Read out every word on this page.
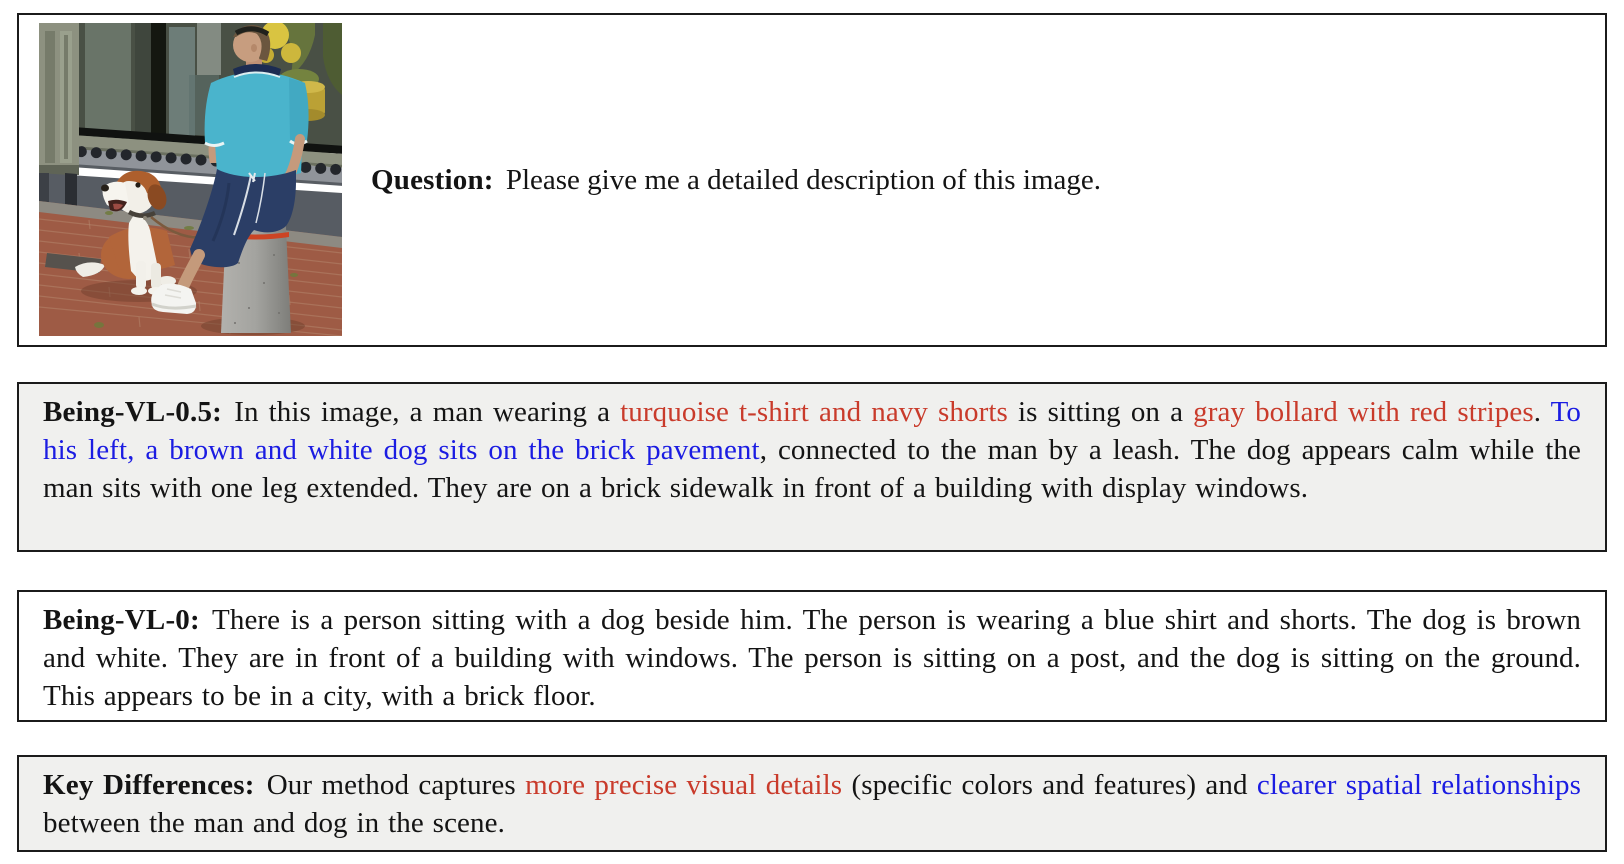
Question: Please give me a detailed description of this image.

Being-VL-0.5: In this image, a man wearing a turquoise t-shirt and navy shorts is sitting on a gray bollard with red stripes. To his left, a brown and white dog sits on the brick pavement, connected to the man by a leash. The dog appears calm while the man sits with one leg extended. They are on a brick sidewalk in front of a building with display windows.

Being-VL-0: There is a person sitting with a dog beside him. The person is wearing a blue shirt and shorts. The dog is brown and white. They are in front of a building with windows. The person is sitting on a post, and the dog is sitting on the ground. This appears to be in a city, with a brick floor.

Key Differences: Our method captures more precise visual details (specific colors and features) and clearer spatial relationships between the man and dog in the scene.
